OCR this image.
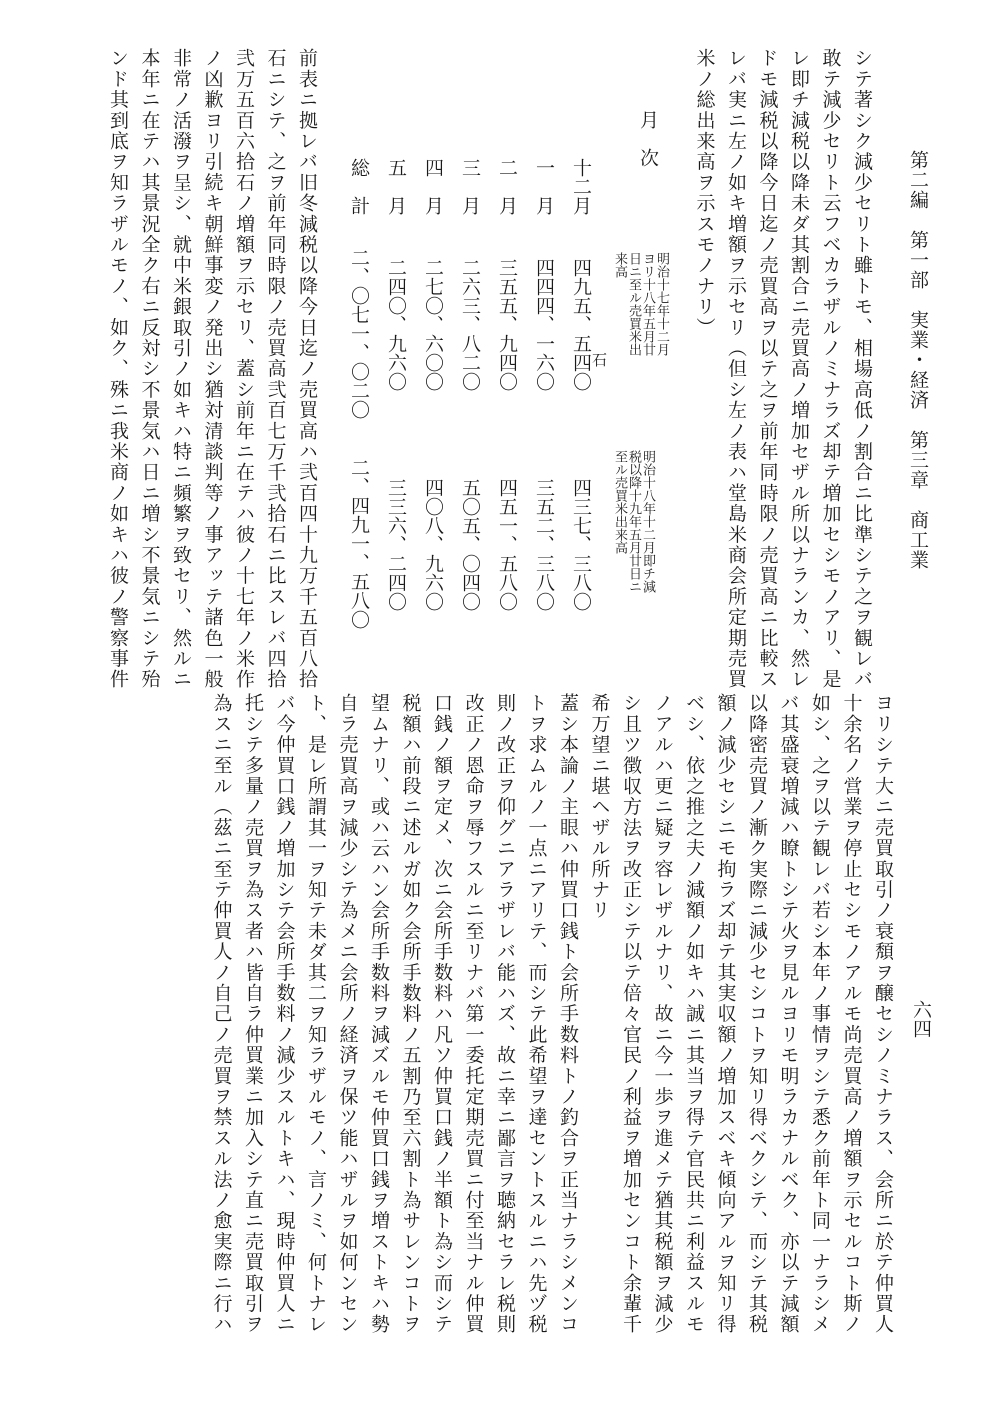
第二編　第一部　実業・経済　第三章　商工業
六四
シテ著シク減少セリト雖トモ、相場高低ノ割合ニ比準シテ之ヲ観レバ
敢テ減少セリト云フベカラザルノミナラズ却テ増加セシモノアリ、是
レ即チ減税以降未ダ其割合ニ売買高ノ増加セザル所以ナランカ、然レ
ドモ減税以降今日迄ノ売買高ヲ以テ之ヲ前年同時限ノ売買高ニ比較ス
レバ実ニ左ノ如キ増額ヲ示セリ（但シ左ノ表ハ堂島米商会所定期売買
米ノ総出来高ヲ示スモノナリ）
月　次
明治十七年十二月ヨリ十八年五月廿日ニ至ル売買米出来高
明治十八年十二月即チ減税以降十九年五月廿日ニ至ル売買米出来高
石
十二月
四九五、五四〇
四三七、三八〇
一　月
四四四、一六〇
三五二、三八〇
二　月
三五五、九四〇
四五一、五八〇
三　月
二六三、八二〇
五〇五、〇四〇
四　月
二七〇、六〇〇
四〇八、九六〇
五　月
二四〇、九六〇
三三六、二四〇
総　計
二、〇七一、〇二〇
二、四九一、五八〇
前表ニ拠レバ旧冬減税以降今日迄ノ売買高ハ弐百四十九万千五百八拾
石ニシテ、之ヲ前年同時限ノ売買高弐百七万千弐拾石ニ比スレバ四拾
弐万五百六拾石ノ増額ヲ示セリ、蓋シ前年ニ在テハ彼ノ十七年ノ米作
ノ凶歉ヨリ引続キ朝鮮事変ノ発出シ猶対清談判等ノ事アッテ諸色一般
非常ノ活潑ヲ呈シ、就中米銀取引ノ如キハ特ニ頻繁ヲ致セリ、然ルニ
本年ニ在テハ其景況全ク右ニ反対シ不景気ハ日ニ増シ不景気ニシテ殆
ンド其到底ヲ知ラザルモノ、如ク、殊ニ我米商ノ如キハ彼ノ警察事件
ヨリシテ大ニ売買取引ノ衰頽ヲ醸セシノミナラス、会所ニ於テ仲買人
十余名ノ営業ヲ停止セシモノアルモ尚売買高ノ増額ヲ示セルコト斯ノ
如シ、之ヲ以テ観レバ若シ本年ノ事情ヲシテ悉ク前年ト同一ナラシメ
バ其盛衰増減ハ瞭トシテ火ヲ見ルヨリモ明ラカナルベク、亦以テ減額
以降密売買ノ漸ク実際ニ減少セシコトヲ知リ得ベクシテ、而シテ其税
額ノ減少セシニモ拘ラズ却テ其実収額ノ増加スベキ傾向アルヲ知リ得
ベシ、依之推之夫ノ減額ノ如キハ誠ニ其当ヲ得テ官民共ニ利益スルモ
ノアルハ更ニ疑ヲ容レザルナリ、故ニ今一歩ヲ進メテ猶其税額ヲ減少
シ且ツ徴収方法ヲ改正シテ以テ倍々官民ノ利益ヲ増加センコト余輩千
希万望ニ堪ヘザル所ナリ
蓋シ本論ノ主眼ハ仲買口銭ト会所手数料トノ釣合ヲ正当ナラシメンコ
トヲ求ムルノ一点ニアリテ、而シテ此希望ヲ達セントスルニハ先ヅ税
則ノ改正ヲ仰グニアラザレバ能ハズ、故ニ幸ニ鄙言ヲ聴納セラレ税則
改正ノ恩命ヲ辱フスルニ至リナバ第一委托定期売買ニ付至当ナル仲買
口銭ノ額ヲ定メ、次ニ会所手数料ハ凡ソ仲買口銭ノ半額ト為シ而シテ
税額ハ前段ニ述ルガ如ク会所手数料ノ五割乃至六割ト為サレンコトヲ
望ムナリ、或ハ云ハン会所手数料ヲ減ズルモ仲買口銭ヲ増ストキハ勢
自ラ売買高ヲ減少シテ為メニ会所ノ経済ヲ保ツ能ハザルヲ如何ンセン
ト、是レ所謂其一ヲ知テ未ダ其二ヲ知ラザルモノ、言ノミ、何トナレ
バ今仲買口銭ノ増加シテ会所手数料ノ減少スルトキハ、現時仲買人ニ
托シテ多量ノ売買ヲ為ス者ハ皆自ラ仲買業ニ加入シテ直ニ売買取引ヲ
為スニ至ル（茲ニ至テ仲買人ノ自己ノ売買ヲ禁スル法ノ愈実際ニ行ハ
